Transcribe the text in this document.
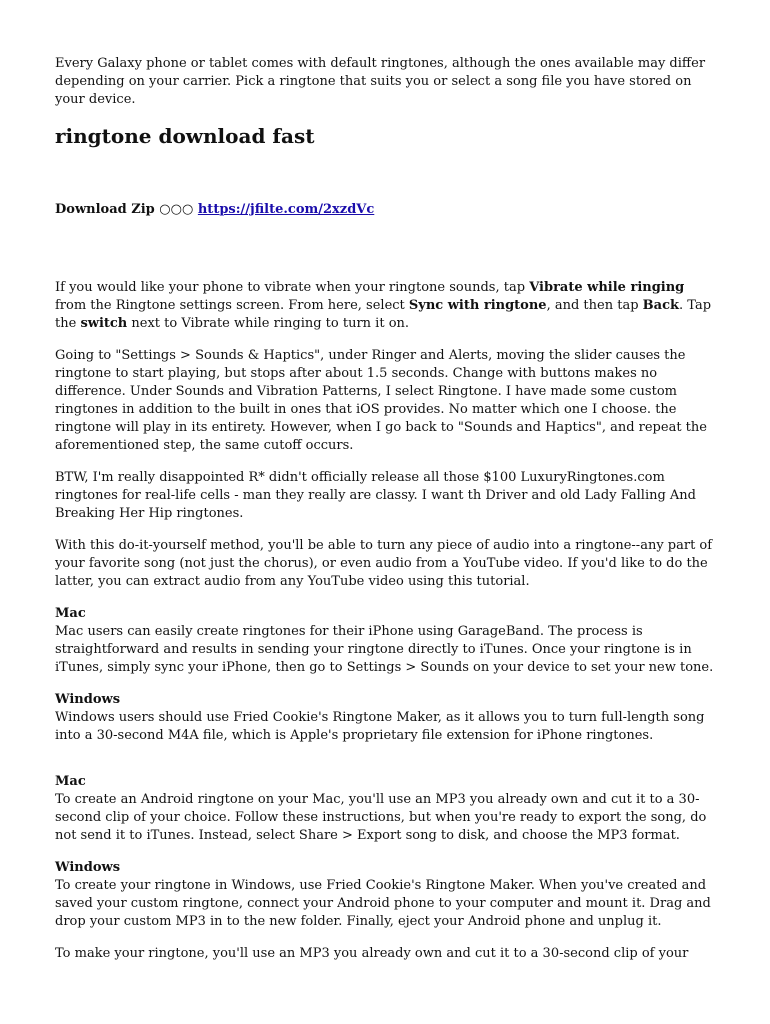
Every Galaxy phone or tablet comes with default ringtones, although the ones available may differ depending on your carrier. Pick a ringtone that suits you or select a song file you have stored on your device.

ringtone download fast
Download Zip ○○○ https://jfilte.com/2xzdVc

If you would like your phone to vibrate when your ringtone sounds, tap Vibrate while ringing from the Ringtone settings screen. From here, select Sync with ringtone, and then tap Back. Tap the switch next to Vibrate while ringing to turn it on.

Going to "Settings > Sounds & Haptics", under Ringer and Alerts, moving the slider causes the ringtone to start playing, but stops after about 1.5 seconds. Change with buttons makes no difference. Under Sounds and Vibration Patterns, I select Ringtone. I have made some custom ringtones in addition to the built in ones that iOS provides. No matter which one I choose. the ringtone will play in its entirety. However, when I go back to "Sounds and Haptics", and repeat the aforementioned step, the same cutoff occurs.

BTW, I'm really disappointed R* didn't officially release all those $100 LuxuryRingtones.com ringtones for real-life cells - man they really are classy. I want th Driver and old Lady Falling And Breaking Her Hip ringtones.

With this do-it-yourself method, you'll be able to turn any piece of audio into a ringtone--any part of your favorite song (not just the chorus), or even audio from a YouTube video. If you'd like to do the latter, you can extract audio from any YouTube video using this tutorial.

Mac
Mac users can easily create ringtones for their iPhone using GarageBand. The process is straightforward and results in sending your ringtone directly to iTunes. Once your ringtone is in iTunes, simply sync your iPhone, then go to Settings > Sounds on your device to set your new tone.

Windows
Windows users should use Fried Cookie's Ringtone Maker, as it allows you to turn full-length song into a 30-second M4A file, which is Apple's proprietary file extension for iPhone ringtones.

Mac
To create an Android ringtone on your Mac, you'll use an MP3 you already own and cut it to a 30-second clip of your choice. Follow these instructions, but when you're ready to export the song, do not send it to iTunes. Instead, select Share > Export song to disk, and choose the MP3 format.

Windows
To create your ringtone in Windows, use Fried Cookie's Ringtone Maker. When you've created and saved your custom ringtone, connect your Android phone to your computer and mount it. Drag and drop your custom MP3 in to the new folder. Finally, eject your Android phone and unplug it.

To make your ringtone, you'll use an MP3 you already own and cut it to a 30-second clip of your
